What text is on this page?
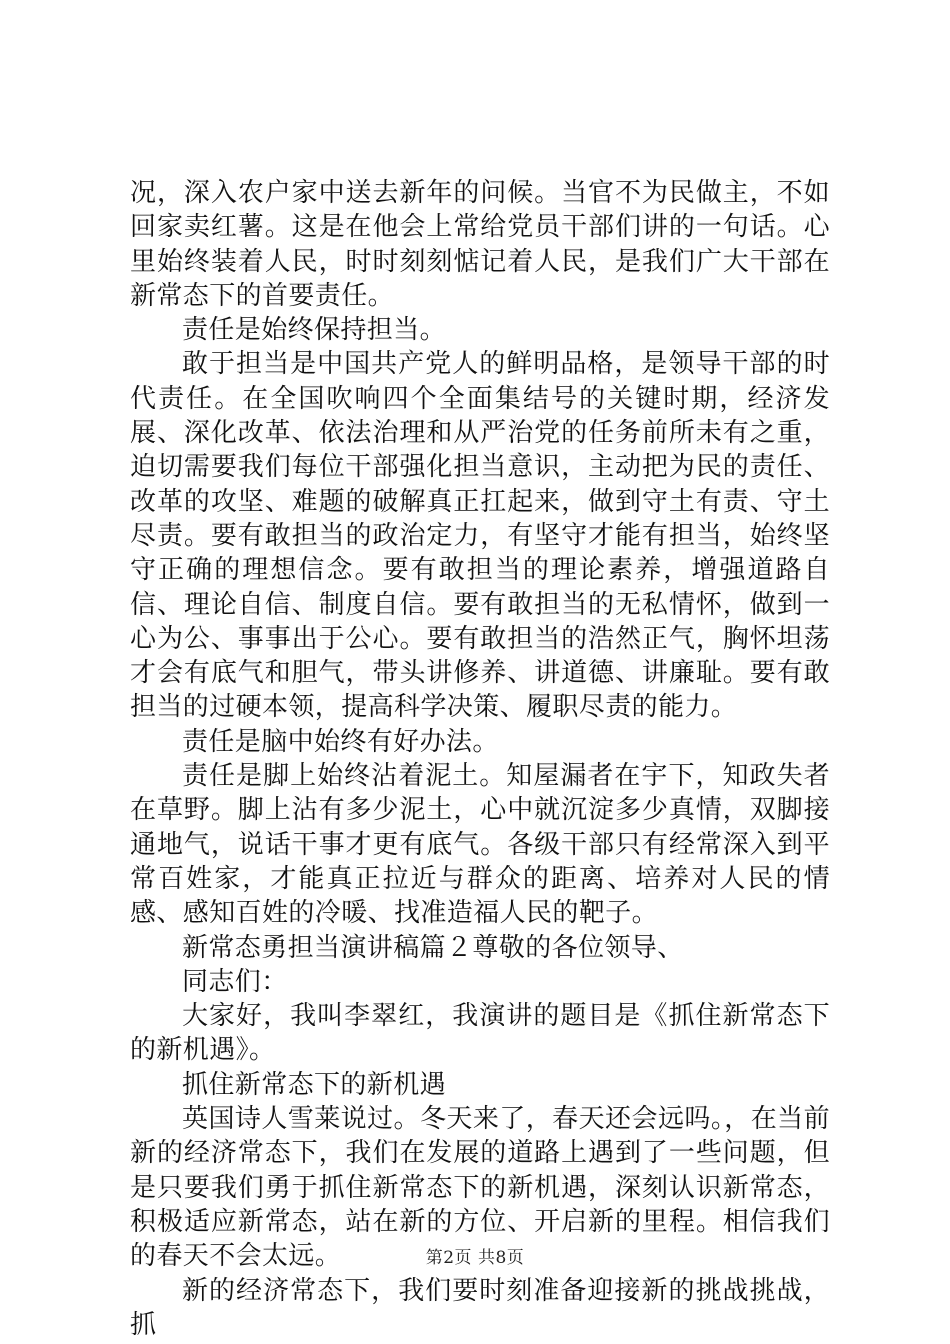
况，深入农户家中送去新年的问候。当官不为民做主，不如回家卖红薯。这是在他会上常给党员干部们讲的一句话。心里始终装着人民，时时刻刻惦记着人民，是我们广大干部在新常态下的首要责任。

责任是始终保持担当。

敢于担当是中国共产党人的鲜明品格，是领导干部的时代责任。在全国吹响四个全面集结号的关键时期，经济发展、深化改革、依法治理和从严治党的任务前所未有之重，迫切需要我们每位干部强化担当意识，主动把为民的责任、改革的攻坚、难题的破解真正扛起来，做到守土有责、守土尽责。要有敢担当的政治定力，有坚守才能有担当，始终坚守正确的理想信念。要有敢担当的理论素养，增强道路自信、理论自信、制度自信。要有敢担当的无私情怀，做到一心为公、事事出于公心。要有敢担当的浩然正气，胸怀坦荡才会有底气和胆气，带头讲修养、讲道德、讲廉耻。要有敢担当的过硬本领，提高科学决策、履职尽责的能力。

责任是脑中始终有好办法。

责任是脚上始终沾着泥土。知屋漏者在宇下，知政失者在草野。脚上沾有多少泥土，心中就沉淀多少真情，双脚接通地气，说话干事才更有底气。各级干部只有经常深入到平常百姓家，才能真正拉近与群众的距离、培养对人民的情感、感知百姓的冷暖、找准造福人民的靶子。

新常态勇担当演讲稿篇２尊敬的各位领导、

同志们：

大家好，我叫李翠红，我演讲的题目是《抓住新常态下的新机遇》。

抓住新常态下的新机遇

英国诗人雪莱说过。冬天来了，春天还会远吗。，在当前新的经济常态下，我们在发展的道路上遇到了一些问题，但是只要我们勇于抓住新常态下的新机遇，深刻认识新常态，积极适应新常态，站在新的方位、开启新的里程。相信我们的春天不会太远。

新的经济常态下，我们要时刻准备迎接新的挑战挑战，抓

第2页 共8页
